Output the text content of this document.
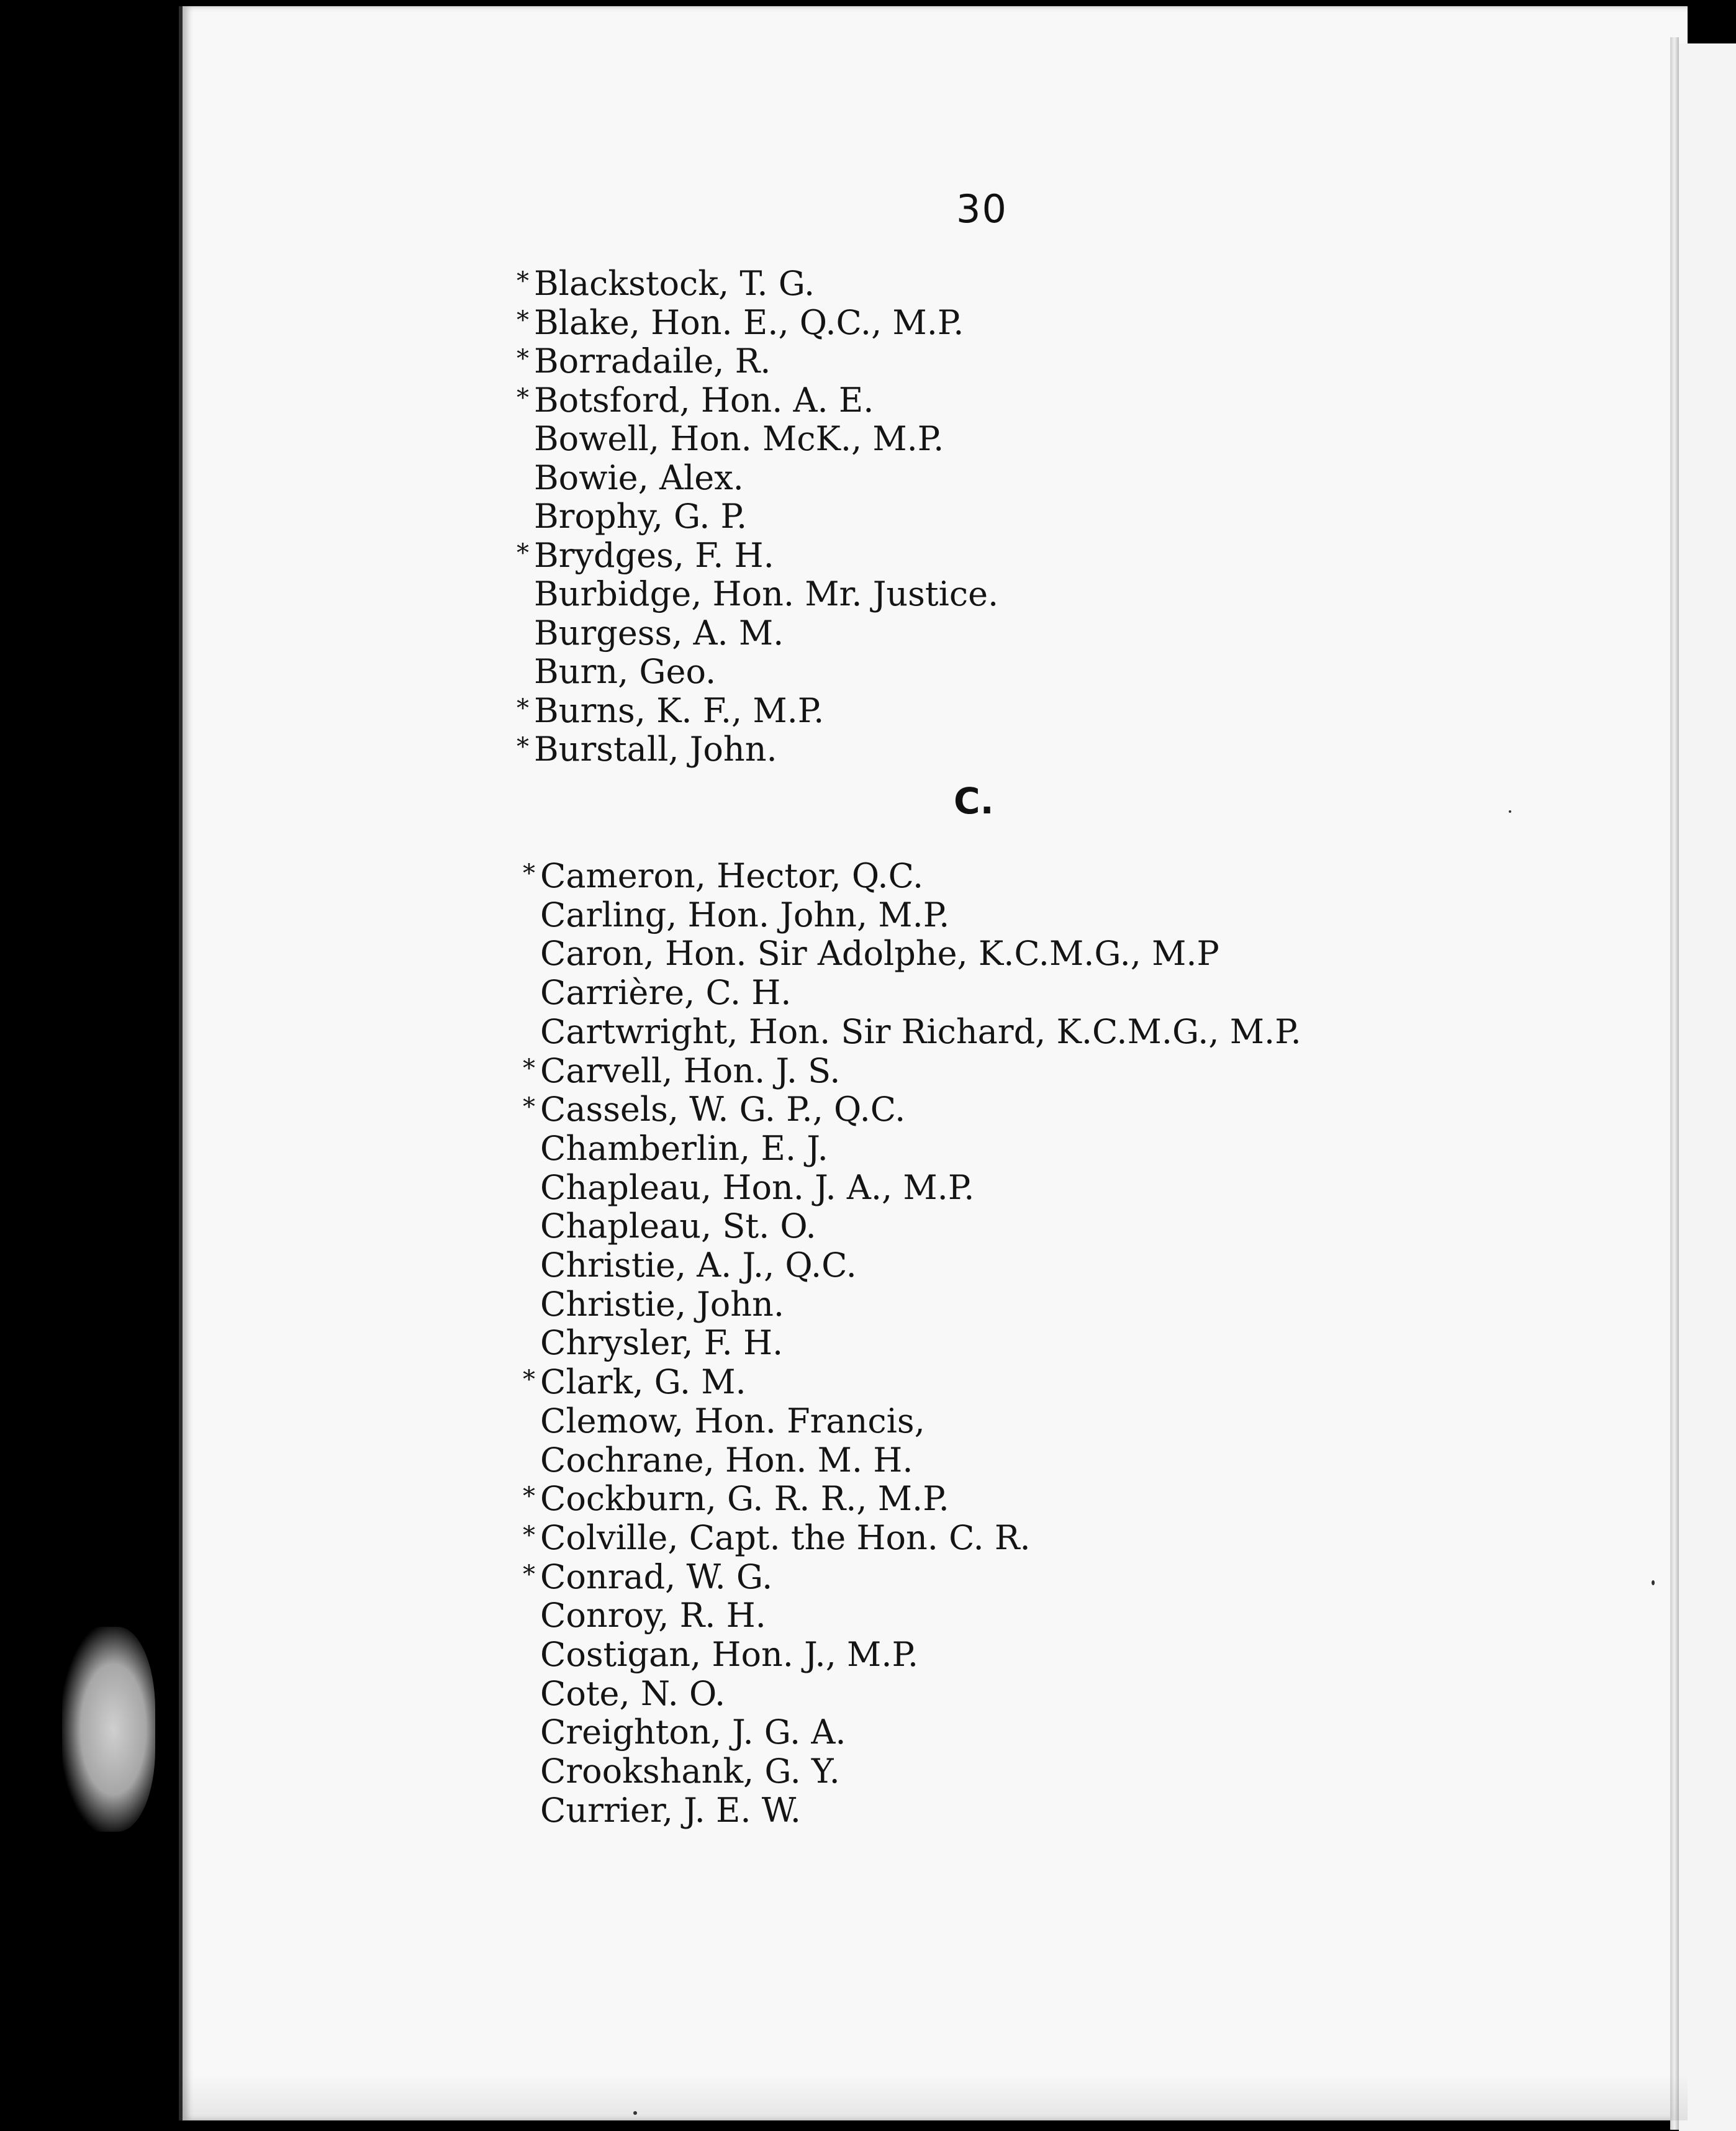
30
* Blackstock, T. G.
* Blake, Hon. E., Q.C., M.P.
* Borradaile, R.
* Botsford, Hon. A. E.
Bowell, Hon. McK., M.P.
Bowie, Alex.
Brophy, G. P.
* Brydges, F. H.
Burbidge, Hon. Mr. Justice.
Burgess, A. M.
Burn, Geo.
* Burns, K. F., M.P.
* Burstall, John.
C.
* Cameron, Hector, Q.C.
Carling, Hon. John, M.P.
Caron, Hon. Sir Adolphe, K.C.M.G., M.P
Carrière, C. H.
Cartwright, Hon. Sir Richard, K.C.M.G., M.P.
* Carvell, Hon. J. S.
* Cassels, W. G. P., Q.C.
Chamberlin, E. J.
Chapleau, Hon. J. A., M.P.
Chapleau, St. O.
Christie, A. J., Q.C.
Christie, John.
Chrysler, F. H.
* Clark, G. M.
Clemow, Hon. Francis,
Cochrane, Hon. M. H.
* Cockburn, G. R. R., M.P.
* Colville, Capt. the Hon. C. R.
* Conrad, W. G.
Conroy, R. H.
Costigan, Hon. J., M.P.
Cote, N. O.
Creighton, J. G. A.
Crookshank, G. Y.
Currier, J. E. W.
